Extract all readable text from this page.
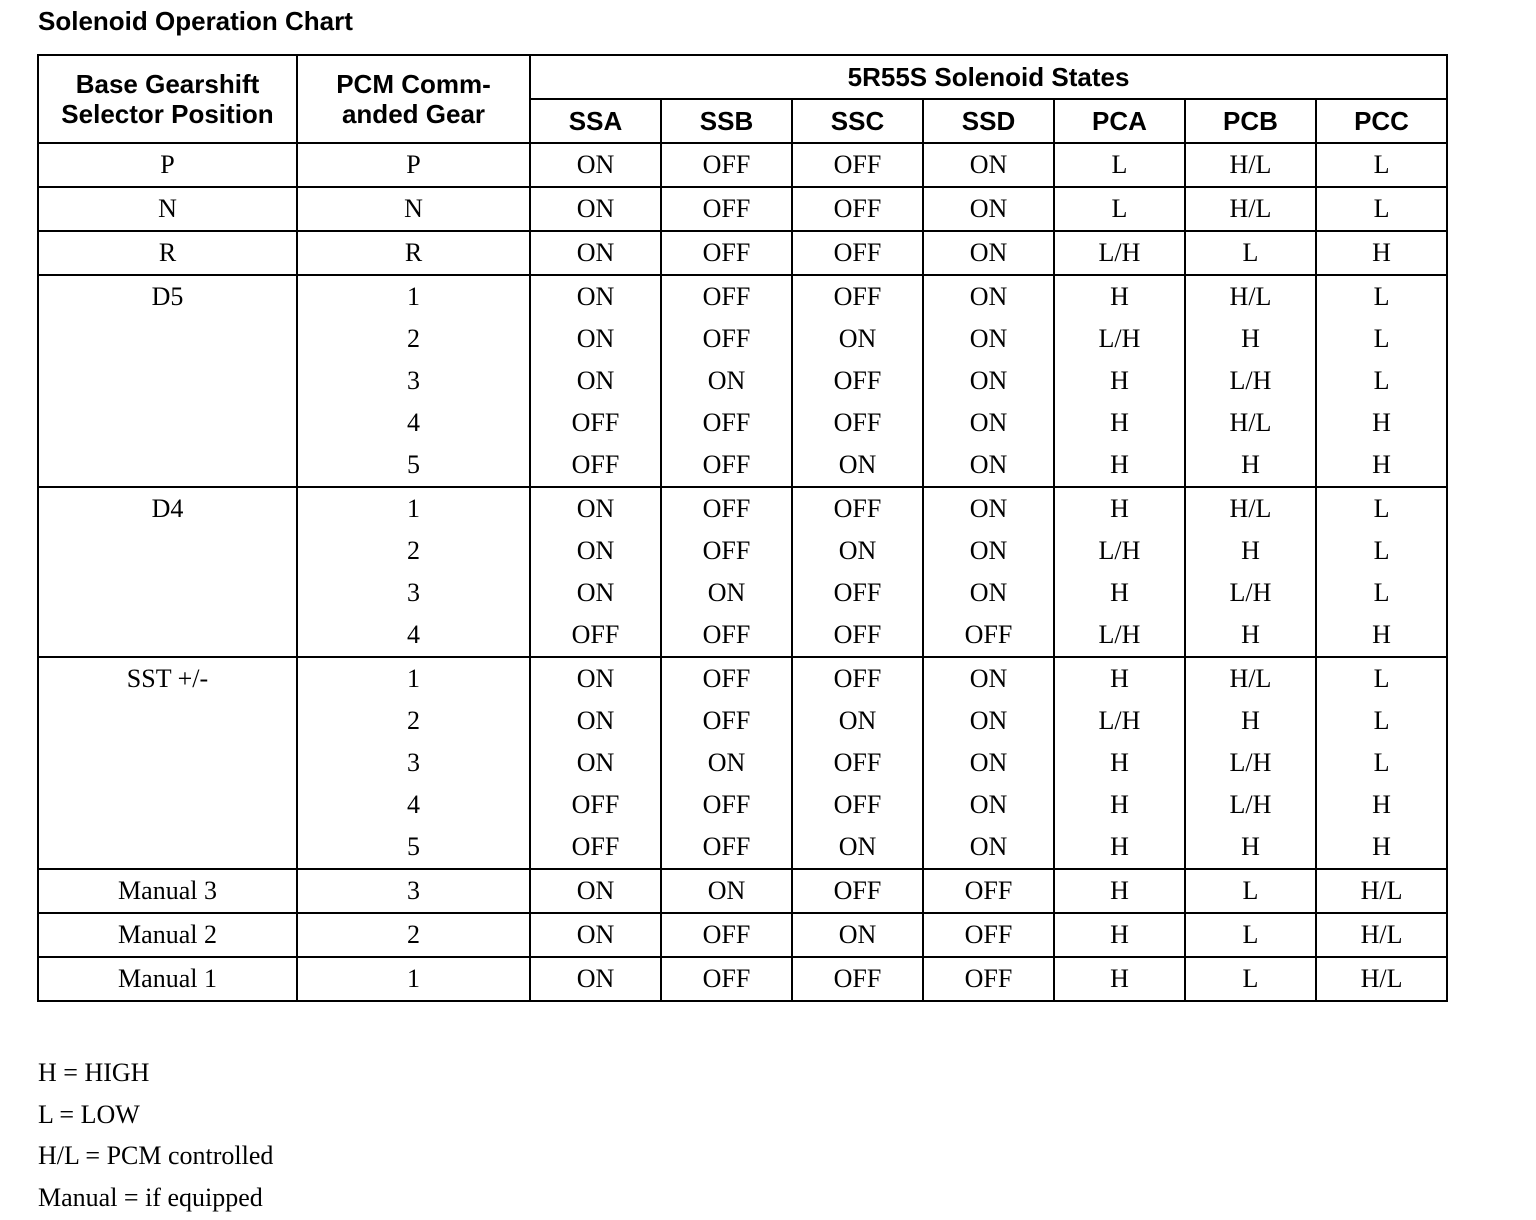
Solenoid Operation Chart
Base Gearshift
Selector Position	PCM Comm-
anded Gear	5R55S Solenoid States						
		SSA	SSB	SSC	SSD	PCA	PCB	PCC
P	P	ON	OFF	OFF	ON	L	H/L	L
N	N	ON	OFF	OFF	ON	L	H/L	L
R	R	ON	OFF	OFF	ON	L/H	L	H
D5	1	ON	OFF	OFF	ON	H	H/L	L
	2	ON	OFF	ON	ON	L/H	H	L
	3	ON	ON	OFF	ON	H	L/H	L
	4	OFF	OFF	OFF	ON	H	H/L	H
	5	OFF	OFF	ON	ON	H	H	H
D4	1	ON	OFF	OFF	ON	H	H/L	L
	2	ON	OFF	ON	ON	L/H	H	L
	3	ON	ON	OFF	ON	H	L/H	L
	4	OFF	OFF	OFF	OFF	L/H	H	H
SST +/-	1	ON	OFF	OFF	ON	H	H/L	L
	2	ON	OFF	ON	ON	L/H	H	L
	3	ON	ON	OFF	ON	H	L/H	L
	4	OFF	OFF	OFF	ON	H	L/H	H
	5	OFF	OFF	ON	ON	H	H	H
Manual 3	3	ON	ON	OFF	OFF	H	L	H/L
Manual 2	2	ON	OFF	ON	OFF	H	L	H/L
Manual 1	1	ON	OFF	OFF	OFF	H	L	H/L
H = HIGH
L = LOW
H/L = PCM controlled
Manual = if equipped
